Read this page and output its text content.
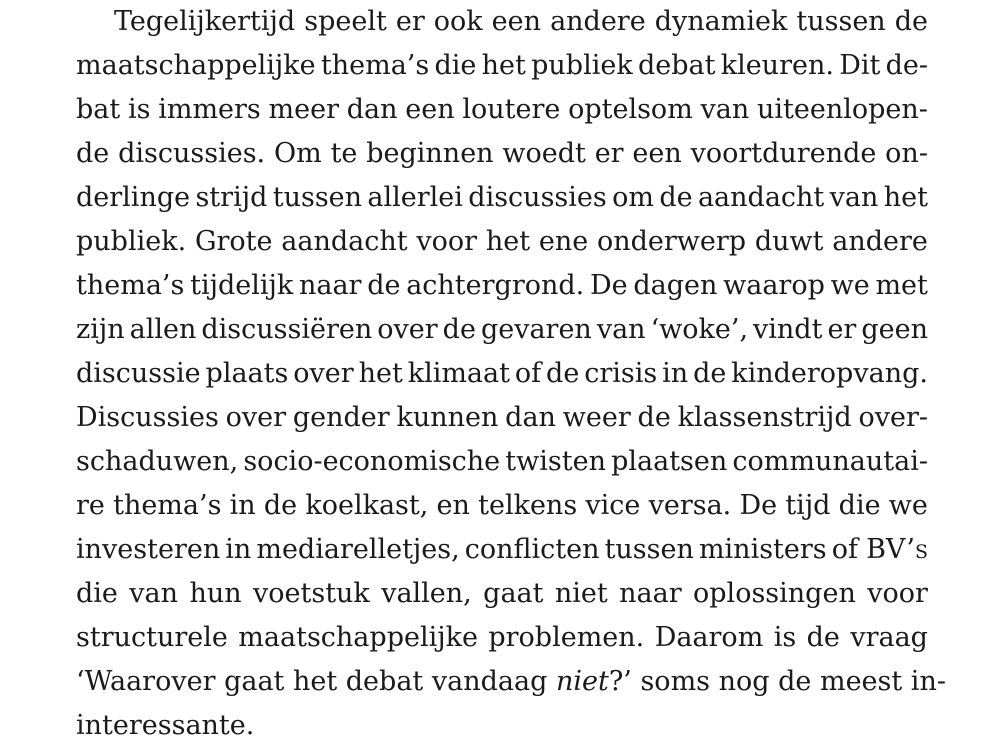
Tegelijkertijd speelt er ook een andere dynamiek tussen de
maatschappelijke thema’s die het publiek debat kleuren. Dit de-
bat is immers meer dan een loutere optelsom van uiteenlopen-
de discussies. Om te beginnen woedt er een voortdurende on-
derlinge strijd tussen allerlei discussies om de aandacht van het
publiek. Grote aandacht voor het ene onderwerp duwt andere
thema’s tijdelijk naar de achtergrond. De dagen waarop we met
zijn allen discussiëren over de gevaren van ‘woke’, vindt er geen
discussie plaats over het klimaat of de crisis in de kinderopvang.
Discussies over gender kunnen dan weer de klassenstrijd over-
schaduwen, socio-economische twisten plaatsen communautai-
re thema’s in de koelkast, en telkens vice versa. De tijd die we
investeren in mediarelletjes, conflicten tussen ministers of BV’s
die van hun voetstuk vallen, gaat niet naar oplossingen voor
structurele maatschappelijke problemen. Daarom is de vraag
‘Waarover gaat het debat vandaag niet?’ soms nog de meest in-
interessante.
